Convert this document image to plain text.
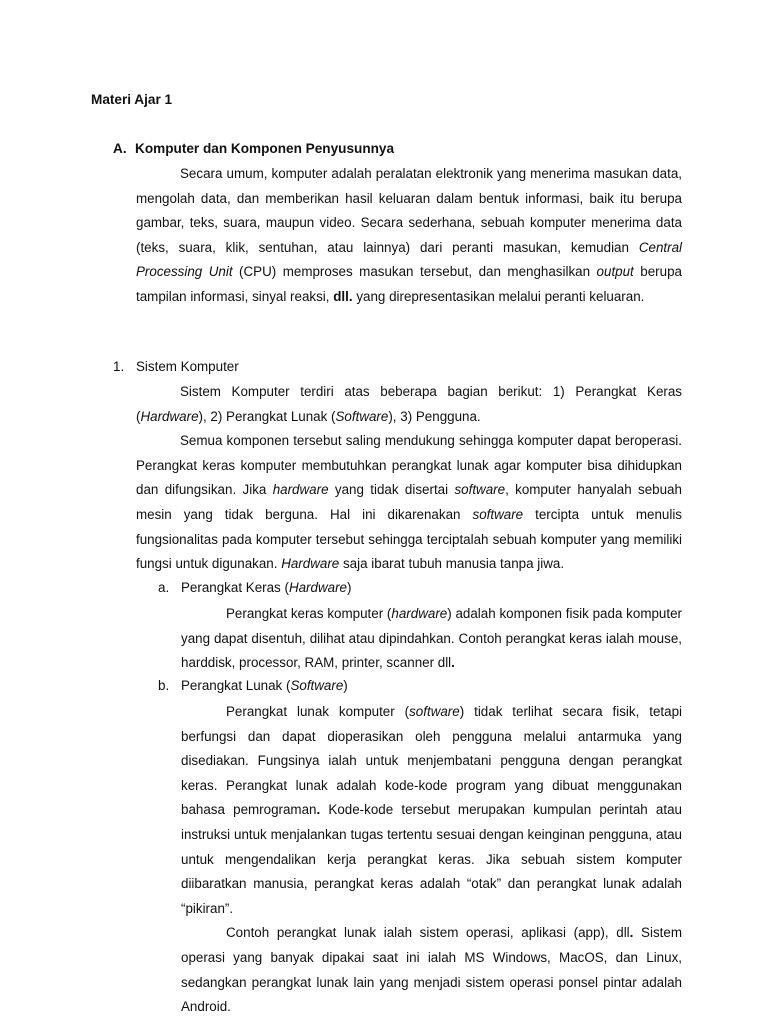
Materi Ajar 1
A. Komputer dan Komponen Penyusunnya

Secara umum, komputer adalah peralatan elektronik yang menerima masukan data, mengolah data, dan memberikan hasil keluaran dalam bentuk informasi, baik itu berupa gambar, teks, suara, maupun video. Secara sederhana, sebuah komputer menerima data (teks, suara, klik, sentuhan, atau lainnya) dari peranti masukan, kemudian Central Processing Unit (CPU) memproses masukan tersebut, dan menghasilkan output berupa tampilan informasi, sinyal reaksi, dll. yang direpresentasikan melalui peranti keluaran.

1. Sistem Komputer

Sistem Komputer terdiri atas beberapa bagian berikut: 1) Perangkat Keras (Hardware), 2) Perangkat Lunak (Software), 3) Pengguna.

Semua komponen tersebut saling mendukung sehingga komputer dapat beroperasi. Perangkat keras komputer membutuhkan perangkat lunak agar komputer bisa dihidupkan dan difungsikan. Jika hardware yang tidak disertai software, komputer hanyalah sebuah mesin yang tidak berguna. Hal ini dikarenakan software tercipta untuk menulis fungsionalitas pada komputer tersebut sehingga terciptalah sebuah komputer yang memiliki fungsi untuk digunakan. Hardware saja ibarat tubuh manusia tanpa jiwa.

a. Perangkat Keras (Hardware)

Perangkat keras komputer (hardware) adalah komponen fisik pada komputer yang dapat disentuh, dilihat atau dipindahkan. Contoh perangkat keras ialah mouse, harddisk, processor, RAM, printer, scanner dll.

b. Perangkat Lunak (Software)

Perangkat lunak komputer (software) tidak terlihat secara fisik, tetapi berfungsi dan dapat dioperasikan oleh pengguna melalui antarmuka yang disediakan. Fungsinya ialah untuk menjembatani pengguna dengan perangkat keras. Perangkat lunak adalah kode-kode program yang dibuat menggunakan bahasa pemrograman. Kode-kode tersebut merupakan kumpulan perintah atau instruksi untuk menjalankan tugas tertentu sesuai dengan keinginan pengguna, atau untuk mengendalikan kerja perangkat keras. Jika sebuah sistem komputer diibaratkan manusia, perangkat keras adalah “otak” dan perangkat lunak adalah “pikiran”.

Contoh perangkat lunak ialah sistem operasi, aplikasi (app), dll. Sistem operasi yang banyak dipakai saat ini ialah MS Windows, MacOS, dan Linux, sedangkan perangkat lunak lain yang menjadi sistem operasi ponsel pintar adalah Android.
